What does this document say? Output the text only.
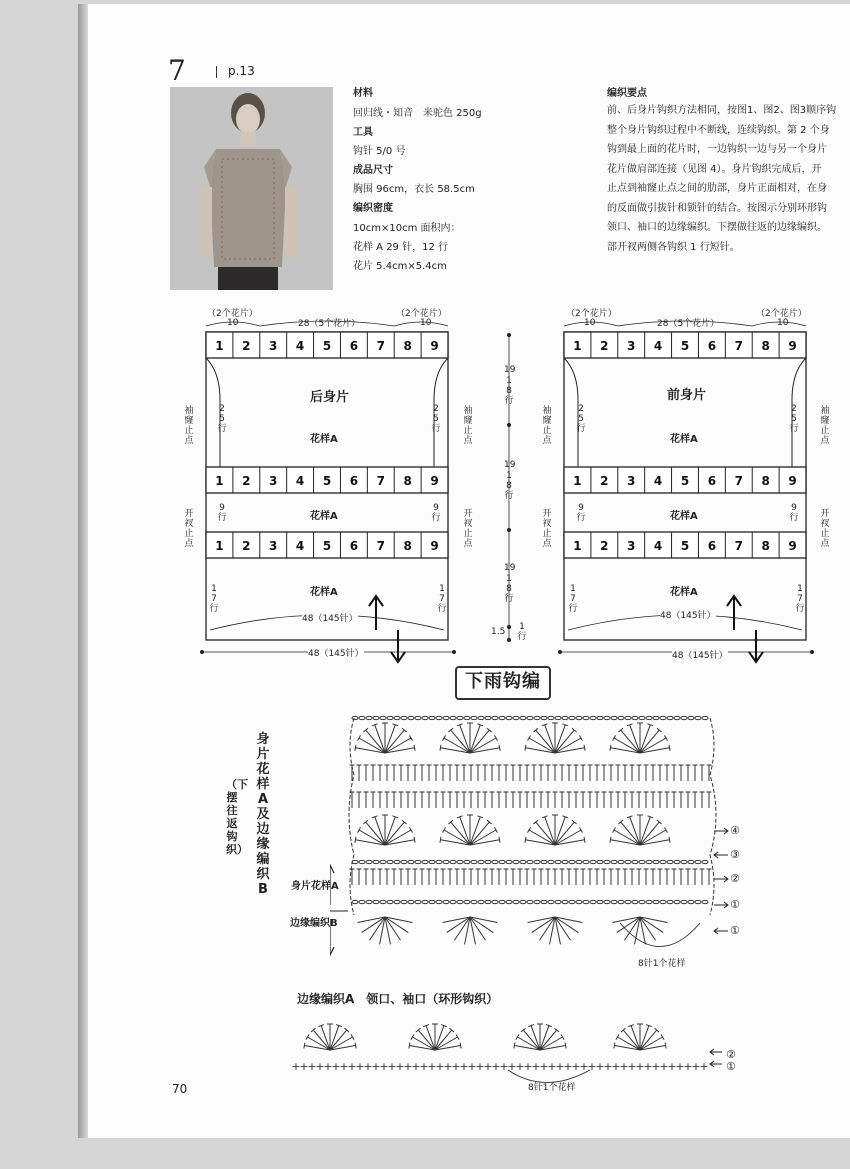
7	p.13
材料
回归线・知音　米驼色 250g
工具
钩针 5/0 号
成品尺寸
胸围 96cm，衣长 58.5cm
编织密度
10cm×10cm 面积内：
花样 A 29 针，12 行
花片 5.4cm×5.4cm
编织要点
前、后身片钩织方法相同，按图1、图2、图3顺序钩
整个身片钩织过程中不断线，连续钩织。第 2 个身
钩到最上面的花片时，一边钩织一边与另一个身片
花片做肩部连接（见图 4）。身片钩织完成后，开
止点到袖窿止点之间的肋部，身片正面相对，在身
的反面做引拔针和锁针的结合。按图示分别环形钩
领口、袖口的边缘编织。下摆做往返的边缘编织。
部开衩两侧各钩织 1 行短针。
1 2 3 4 5 6 7 8 9
1 2 3 4 5 6 7 8 9
1 2 3 4 5 6 7 8 9
1 2 3 4 5 6 7 8 9
1 2 3 4 5 6 7 8 9
1 2 3 4 5 6 7 8 9
后身片	前身片
花样A
花样A
花样A
花样A
花样A
花样A
（2个花片）
10	28（5个花片）
（2个花片）
10
（2个花片）
10	28（5个花片）
（2个花片）
10
25行
25行
9行
9行
17行
17行
25行
25行
9行
9行
17行
17行
袖窿止点
袖窿止点
袖窿止点
袖窿止点
开衩止点
开衩止点
开衩止点
开衩止点
48（145针）
48（145针）
48（145针）
48（145针）
19
18行
19
18行
19
18行
1.5 1行
下雨钩编
身片花样A及边缘编织B
（下摆往返钩织）
身片花样A
边缘编织B
④
③
②
①
①
8针1个花样
边缘编织A　领口、袖口（环形钩织）
+
+
+
+
+
+
+
+
+
+
+
+
+
+
+
+
+
+
+
+
+
+
+
+
+
+
+
+
+
+
+
+
+
+
+
+
+
+
+
+
+
+
+
+
+
+
+
+
+
+
+
+
②
①
8针1个花样
70
